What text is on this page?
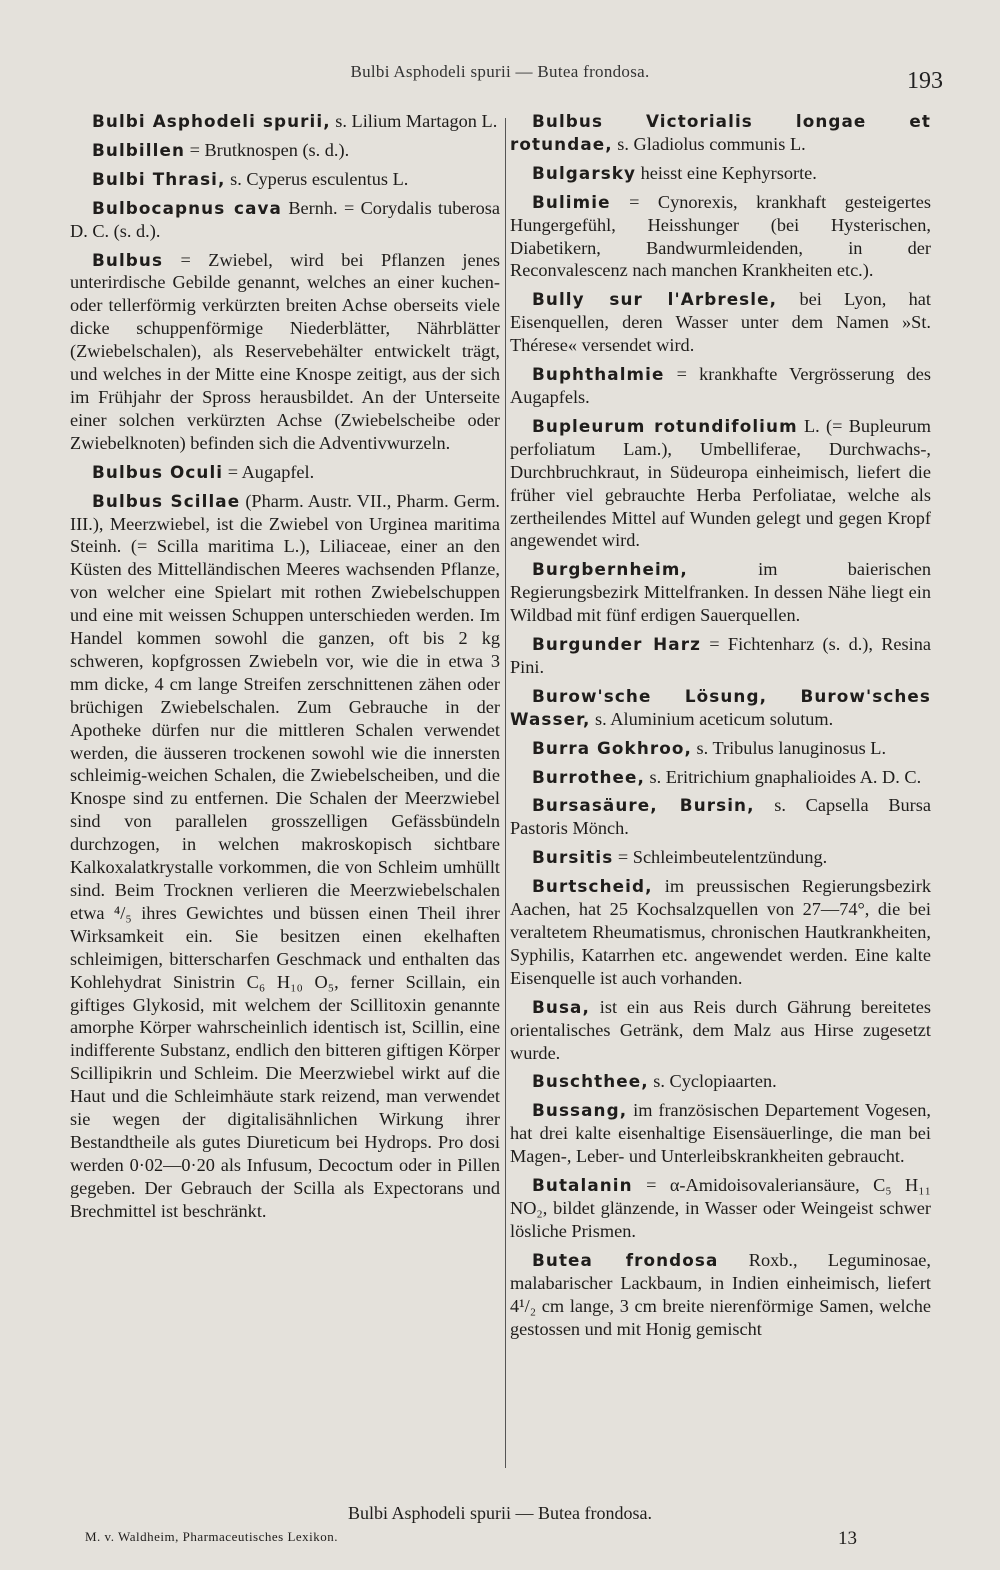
Bulbi Asphodeli spurii — Butea frondosa.	193

Bulbi Asphodeli spurii, s. Lilium Martagon L.

Bulbillen = Brutknospen (s. d.).

Bulbi Thrasi, s. Cyperus esculentus L.

Bulbocapnus cava Bernh. = Corydalis tuberosa D. C. (s. d.).

Bulbus = Zwiebel, wird bei Pflanzen jenes unterirdische Gebilde genannt, welches an einer kuchen- oder tellerförmig verkürzten breiten Achse oberseits viele dicke schuppenförmige Niederblätter, Nährblätter (Zwiebelschalen), als Reservebehälter entwickelt trägt, und welches in der Mitte eine Knospe zeitigt, aus der sich im Frühjahr der Spross herausbildet. An der Unterseite einer solchen verkürzten Achse (Zwiebelscheibe oder Zwiebelknoten) befinden sich die Adventivwurzeln.

Bulbus Oculi = Augapfel.

Bulbus Scillae (Pharm. Austr. VII., Pharm. Germ. III.), Meerzwiebel, ist die Zwiebel von Urginea maritima Steinh. (= Scilla maritima L.), Liliaceae, einer an den Küsten des Mittelländischen Meeres wachsenden Pflanze, von welcher eine Spielart mit rothen Zwiebelschuppen und eine mit weissen Schuppen unterschieden werden. Im Handel kommen sowohl die ganzen, oft bis 2 kg schweren, kopfgrossen Zwiebeln vor, wie die in etwa 3 mm dicke, 4 cm lange Streifen zerschnittenen zähen oder brüchigen Zwiebelschalen. Zum Gebrauche in der Apotheke dürfen nur die mittleren Schalen verwendet werden, die äusseren trockenen sowohl wie die innersten schleimig-weichen Schalen, die Zwiebelscheiben, und die Knospe sind zu entfernen. Die Schalen der Meerzwiebel sind von parallelen grosszelligen Gefässbündeln durchzogen, in welchen makroskopisch sichtbare Kalkoxalatkrystalle vorkommen, die von Schleim umhüllt sind. Beim Trocknen verlieren die Meerzwiebelschalen etwa ⁴/₅ ihres Gewichtes und büssen einen Theil ihrer Wirksamkeit ein. Sie besitzen einen ekelhaften schleimigen, bitterscharfen Geschmack und enthalten das Kohlehydrat Sinistrin C₆ H₁₀ O₅, ferner Scillain, ein giftiges Glykosid, mit welchem der Scillitoxin genannte amorphe Körper wahrscheinlich identisch ist, Scillin, eine indifferente Substanz, endlich den bitteren giftigen Körper Scillipikrin und Schleim. Die Meerzwiebel wirkt auf die Haut und die Schleimhäute stark reizend, man verwendet sie wegen der digitalisähnlichen Wirkung ihrer Bestandtheile als gutes Diureticum bei Hydrops. Pro dosi werden 0·02—0·20 als Infusum, Decoctum oder in Pillen gegeben. Der Gebrauch der Scilla als Expectorans und Brechmittel ist beschränkt.

Bulbus Victorialis longae et rotundae, s. Gladiolus communis L.

Bulgarsky heisst eine Kephyrsorte.

Bulimie = Cynorexis, krankhaft gesteigertes Hungergefühl, Heisshunger (bei Hysterischen, Diabetikern, Bandwurmleidenden, in der Reconvalescenz nach manchen Krankheiten etc.).

Bully sur l'Arbresle, bei Lyon, hat Eisenquellen, deren Wasser unter dem Namen »St. Thérese« versendet wird.

Buphthalmie = krankhafte Vergrösserung des Augapfels.

Bupleurum rotundifolium L. (= Bupleurum perfoliatum Lam.), Umbelliferae, Durchwachs-, Durchbruchkraut, in Südeuropa einheimisch, liefert die früher viel gebrauchte Herba Perfoliatae, welche als zertheilendes Mittel auf Wunden gelegt und gegen Kropf angewendet wird.

Burgbernheim, im baierischen Regierungsbezirk Mittelfranken. In dessen Nähe liegt ein Wildbad mit fünf erdigen Sauerquellen.

Burgunder Harz = Fichtenharz (s. d.), Resina Pini.

Burow'sche Lösung, Burow'sches Wasser, s. Aluminium aceticum solutum.

Burra Gokhroo, s. Tribulus lanuginosus L.

Burrothee, s. Eritrichium gnaphalioides A. D. C.

Bursasäure, Bursin, s. Capsella Bursa Pastoris Mönch.

Bursitis = Schleimbeutelentzündung.

Burtscheid, im preussischen Regierungsbezirk Aachen, hat 25 Kochsalzquellen von 27—74°, die bei veraltetem Rheumatismus, chronischen Hautkrankheiten, Syphilis, Katarrhen etc. angewendet werden. Eine kalte Eisenquelle ist auch vorhanden.

Busa, ist ein aus Reis durch Gährung bereitetes orientalisches Getränk, dem Malz aus Hirse zugesetzt wurde.

Buschthee, s. Cyclopiaarten.

Bussang, im französischen Departement Vogesen, hat drei kalte eisenhaltige Eisensäuerlinge, die man bei Magen-, Leber- und Unterleibskrankheiten gebraucht.

Butalanin = α-Amidoisovaleriansäure, C₅ H₁₁ NO₂, bildet glänzende, in Wasser oder Weingeist schwer lösliche Prismen.

Butea frondosa Roxb., Leguminosae, malabarischer Lackbaum, in Indien einheimisch, liefert 4¹/₂ cm lange, 3 cm breite nierenförmige Samen, welche gestossen und mit Honig gemischt

Bulbi Asphodeli spurii — Butea frondosa.
M. v. Waldheim, Pharmaceutisches Lexikon.	13
